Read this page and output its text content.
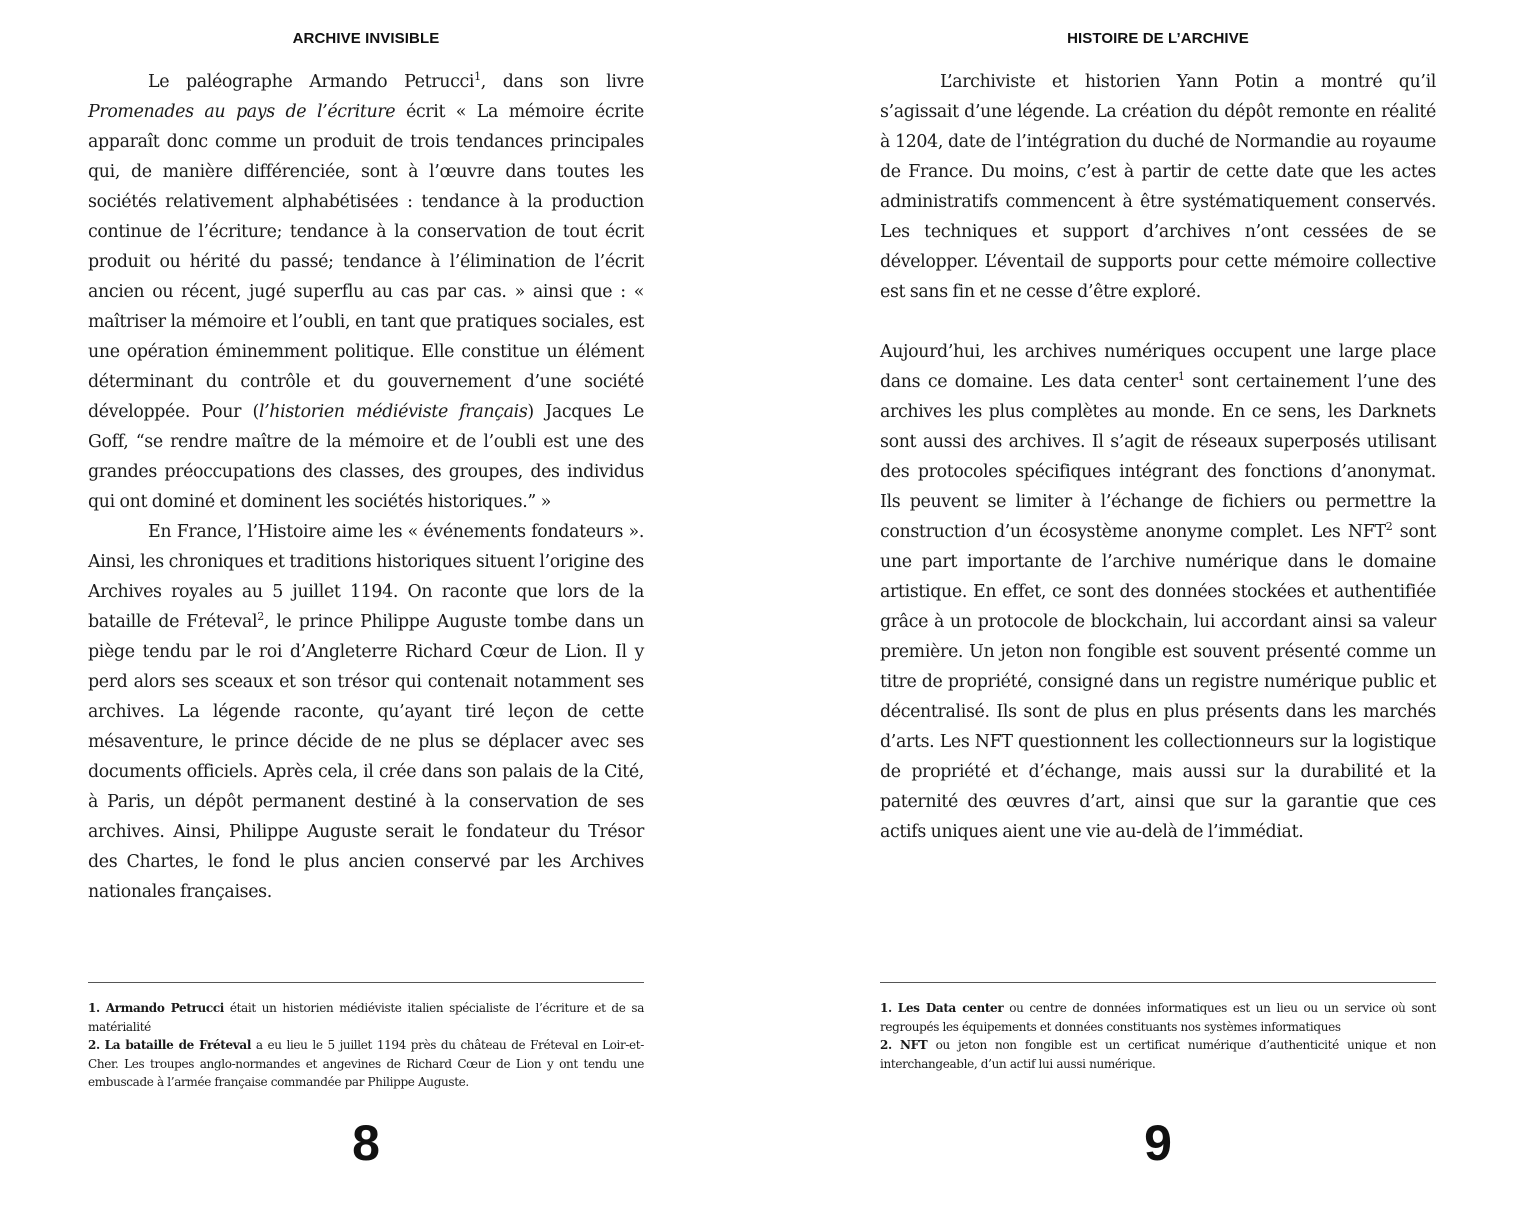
ARCHIVE INVISIBLE

Le paléographe Armando Petrucci$^1$, dans son livre Promenades au pays de l’écriture écrit « La mémoire écrite apparaît donc comme un produit de trois tendances principales qui, de manière différenciée, sont à l’œuvre dans toutes les sociétés relativement alphabétisées : tendance à la production continue de l’écriture; tendance à la conservation de tout écrit produit ou hérité du passé; tendance à l’élimination de l’écrit ancien ou récent, jugé superflu au cas par cas. » ainsi que : « maîtriser la mémoire et l’oubli, en tant que pratiques sociales, est une opération éminemment politique. Elle constitue un élément déterminant du contrôle et du gouvernement d’une société développée. Pour (l’historien médiéviste français) Jacques Le Goff, “se rendre maître de la mémoire et de l’oubli est une des grandes préoccupations des classes, des groupes, des individus qui ont dominé et dominent les sociétés historiques.” »

En France, l’Histoire aime les « événements fondateurs ». Ainsi, les chroniques et traditions historiques situent l’origine des Archives royales au 5 juillet 1194. On raconte que lors de la bataille de Fréteval$^2$, le prince Philippe Auguste tombe dans un piège tendu par le roi d’Angleterre Richard Cœur de Lion. Il y perd alors ses sceaux et son trésor qui contenait notamment ses archives. La légende raconte, qu’ayant tiré leçon de cette mésaventure, le prince décide de ne plus se déplacer avec ses documents officiels. Après cela, il crée dans son palais de la Cité, à Paris, un dépôt permanent destiné à la conservation de ses archives. Ainsi, Philippe Auguste serait le fondateur du Trésor des Chartes, le fond le plus ancien conservé par les Archives nationales françaises.

1. Armando Petrucci était un historien médiéviste italien spécialiste de l’écriture et de sa matérialité

2. La bataille de Fréteval a eu lieu le 5 juillet 1194 près du château de Fréteval en Loir-et-Cher. Les troupes anglo-normandes et angevines de Richard Cœur de Lion y ont tendu une embuscade à l’armée française commandée par Philippe Auguste.

8
HISTOIRE DE L’ARCHIVE

L’archiviste et historien Yann Potin a montré qu’il s’agissait d’une légende. La création du dépôt remonte en réalité à 1204, date de l’intégration du duché de Normandie au royaume de France. Du moins, c’est à partir de cette date que les actes administratifs commencent à être systématiquement conservés. Les techniques et support d’archives n’ont cessées de se développer. L’éventail de supports pour cette mémoire collective est sans fin et ne cesse d’être exploré.

Aujourd’hui, les archives numériques occupent une large place dans ce domaine. Les data center$^1$ sont certainement l’une des archives les plus complètes au monde. En ce sens, les Darknets sont aussi des archives. Il s’agit de réseaux superposés utilisant des protocoles spécifiques intégrant des fonctions d’anonymat. Ils peuvent se limiter à l’échange de fichiers ou permettre la construction d’un écosystème anonyme complet. Les NFT$^2$ sont une part importante de l’archive numérique dans le domaine artistique. En effet, ce sont des données stockées et authentifiée grâce à un protocole de blockchain, lui accordant ainsi sa valeur première. Un jeton non fongible est souvent présenté comme un titre de propriété, consigné dans un registre numérique public et décentralisé. Ils sont de plus en plus présents dans les marchés d’arts. Les NFT questionnent les collectionneurs sur la logistique de propriété et d’échange, mais aussi sur la durabilité et la paternité des œuvres d’art, ainsi que sur la garantie que ces actifs uniques aient une vie au-delà de l’immédiat.

1. Les Data center ou centre de données informatiques est un lieu ou un service où sont regroupés les équipements et données constituants nos systèmes informatiques

2. NFT ou jeton non fongible est un certificat numérique d’authenticité unique et non interchangeable, d’un actif lui aussi numérique.

9
